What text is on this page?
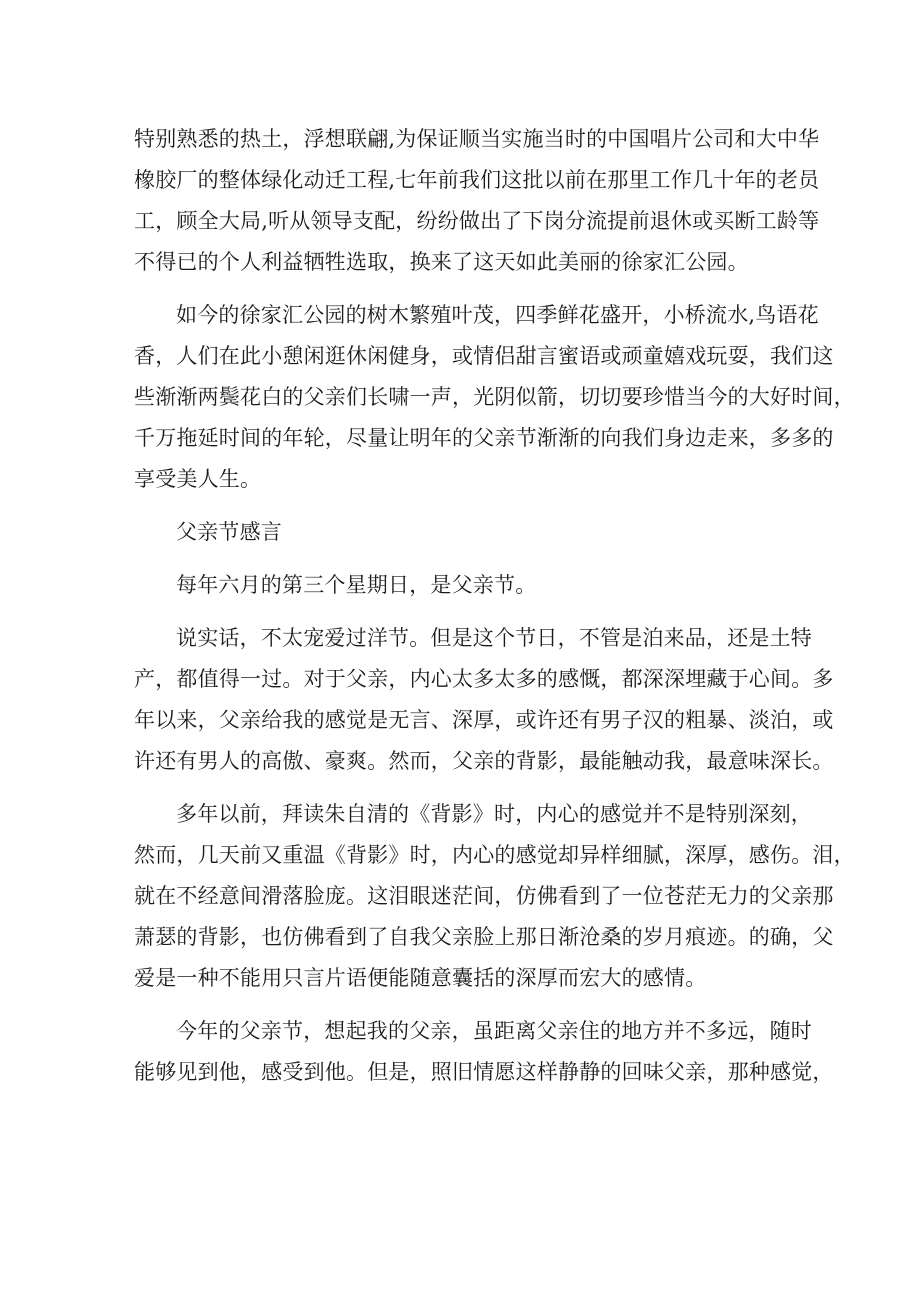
特别熟悉的热土，浮想联翩,为保证顺当实施当时的中国唱片公司和大中华
橡胶厂的整体绿化动迁工程,七年前我们这批以前在那里工作几十年的老员
工，顾全大局,听从领导支配，纷纷做出了下岗分流提前退休或买断工龄等
不得已的个人利益牺牲选取，换来了这天如此美丽的徐家汇公园。

如今的徐家汇公园的树木繁殖叶茂，四季鲜花盛开，小桥流水,鸟语花
香，人们在此小憩闲逛休闲健身，或情侣甜言蜜语或顽童嬉戏玩耍，我们这
些渐渐两鬓花白的父亲们长啸一声，光阴似箭，切切要珍惜当今的大好时间，
千万拖延时间的年轮，尽量让明年的父亲节渐渐的向我们身边走来，多多的
享受美人生。

父亲节感言

每年六月的第三个星期日，是父亲节。

说实话，不太宠爱过洋节。但是这个节日，不管是泊来品，还是土特
产，都值得一过。对于父亲，内心太多太多的感慨，都深深埋藏于心间。多
年以来，父亲给我的感觉是无言、深厚，或许还有男子汉的粗暴、淡泊，或
许还有男人的高傲、豪爽。然而，父亲的背影，最能触动我，最意味深长。

多年以前，拜读朱自清的《背影》时，内心的感觉并不是特别深刻，
然而，几天前又重温《背影》时，内心的感觉却异样细腻，深厚，感伤。泪，
就在不经意间滑落脸庞。这泪眼迷茫间，仿佛看到了一位苍茫无力的父亲那
萧瑟的背影，也仿佛看到了自我父亲脸上那日渐沧桑的岁月痕迹。的确，父
爱是一种不能用只言片语便能随意囊括的深厚而宏大的感情。

今年的父亲节，想起我的父亲，虽距离父亲住的地方并不多远，随时
能够见到他，感受到他。但是，照旧情愿这样静静的回味父亲，那种感觉，
